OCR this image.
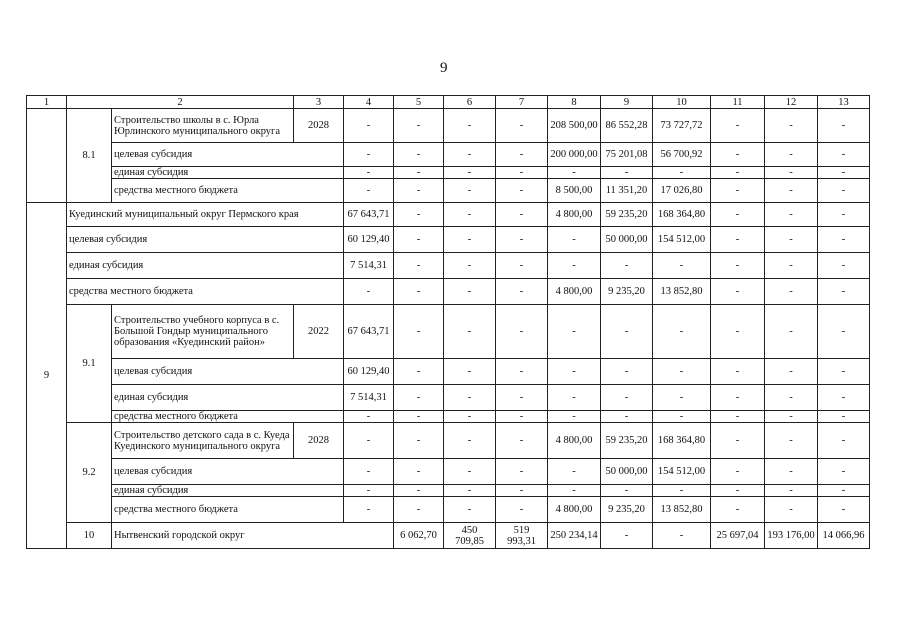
9
1	2		3	4	5	6	7	8	9	10	11	12	13	
	8.1	Строительство школы в с. Юрла Юрлинского муниципального округа	2028	-	-	-	-	208 500,00	86 552,28	73 727,72	-	-	-	
		целевая субсидия		-	-	-	-	200 000,00	75 201,08	56 700,92	-	-	-	
		единая субсидия		-	-	-	-	-	-	-	-	-	-	
		средства местного бюджета		-	-	-	-	8 500,00	11 351,20	17 026,80	-	-	-	
9	Куединский муниципальный округ Пермского края			67 643,71	-	-	-	4 800,00	59 235,20	168 364,80	-	-	-	
	целевая субсидия			60 129,40	-	-	-	-	50 000,00	154 512,00	-	-	-	
	единая субсидия			7 514,31	-	-	-	-	-	-	-	-	-	
	средства местного бюджета			-	-	-	-	4 800,00	9 235,20	13 852,80	-	-	-	
	9.1	Строительство учебного корпуса в с. Большой Гондыр муниципального образования «Куединский район»	2022	67 643,71	-	-	-	-	-	-	-	-	-	
		целевая субсидия		60 129,40	-	-	-	-	-	-	-	-	-	
		единая субсидия		7 514,31	-	-	-	-	-	-	-	-	-	
		средства местного бюджета		-	-	-	-	-	-	-	-	-	-	
	9.2	Строительство детского сада в с. Куеда Куединского муниципального округа	2028	-	-	-	-	4 800,00	59 235,20	168 364,80	-	-	-	
		целевая субсидия		-	-	-	-	-	50 000,00	154 512,00	-	-	-	
		единая субсидия		-	-	-	-	-	-	-	-	-	-	
		средства местного бюджета		-	-	-	-	4 800,00	9 235,20	13 852,80	-	-	-	
	10	Нытвенский городской округ			6 062,70	450 709,85	519 993,31	250 234,14	-	-	25 697,04	193 176,00	14 066,96	
